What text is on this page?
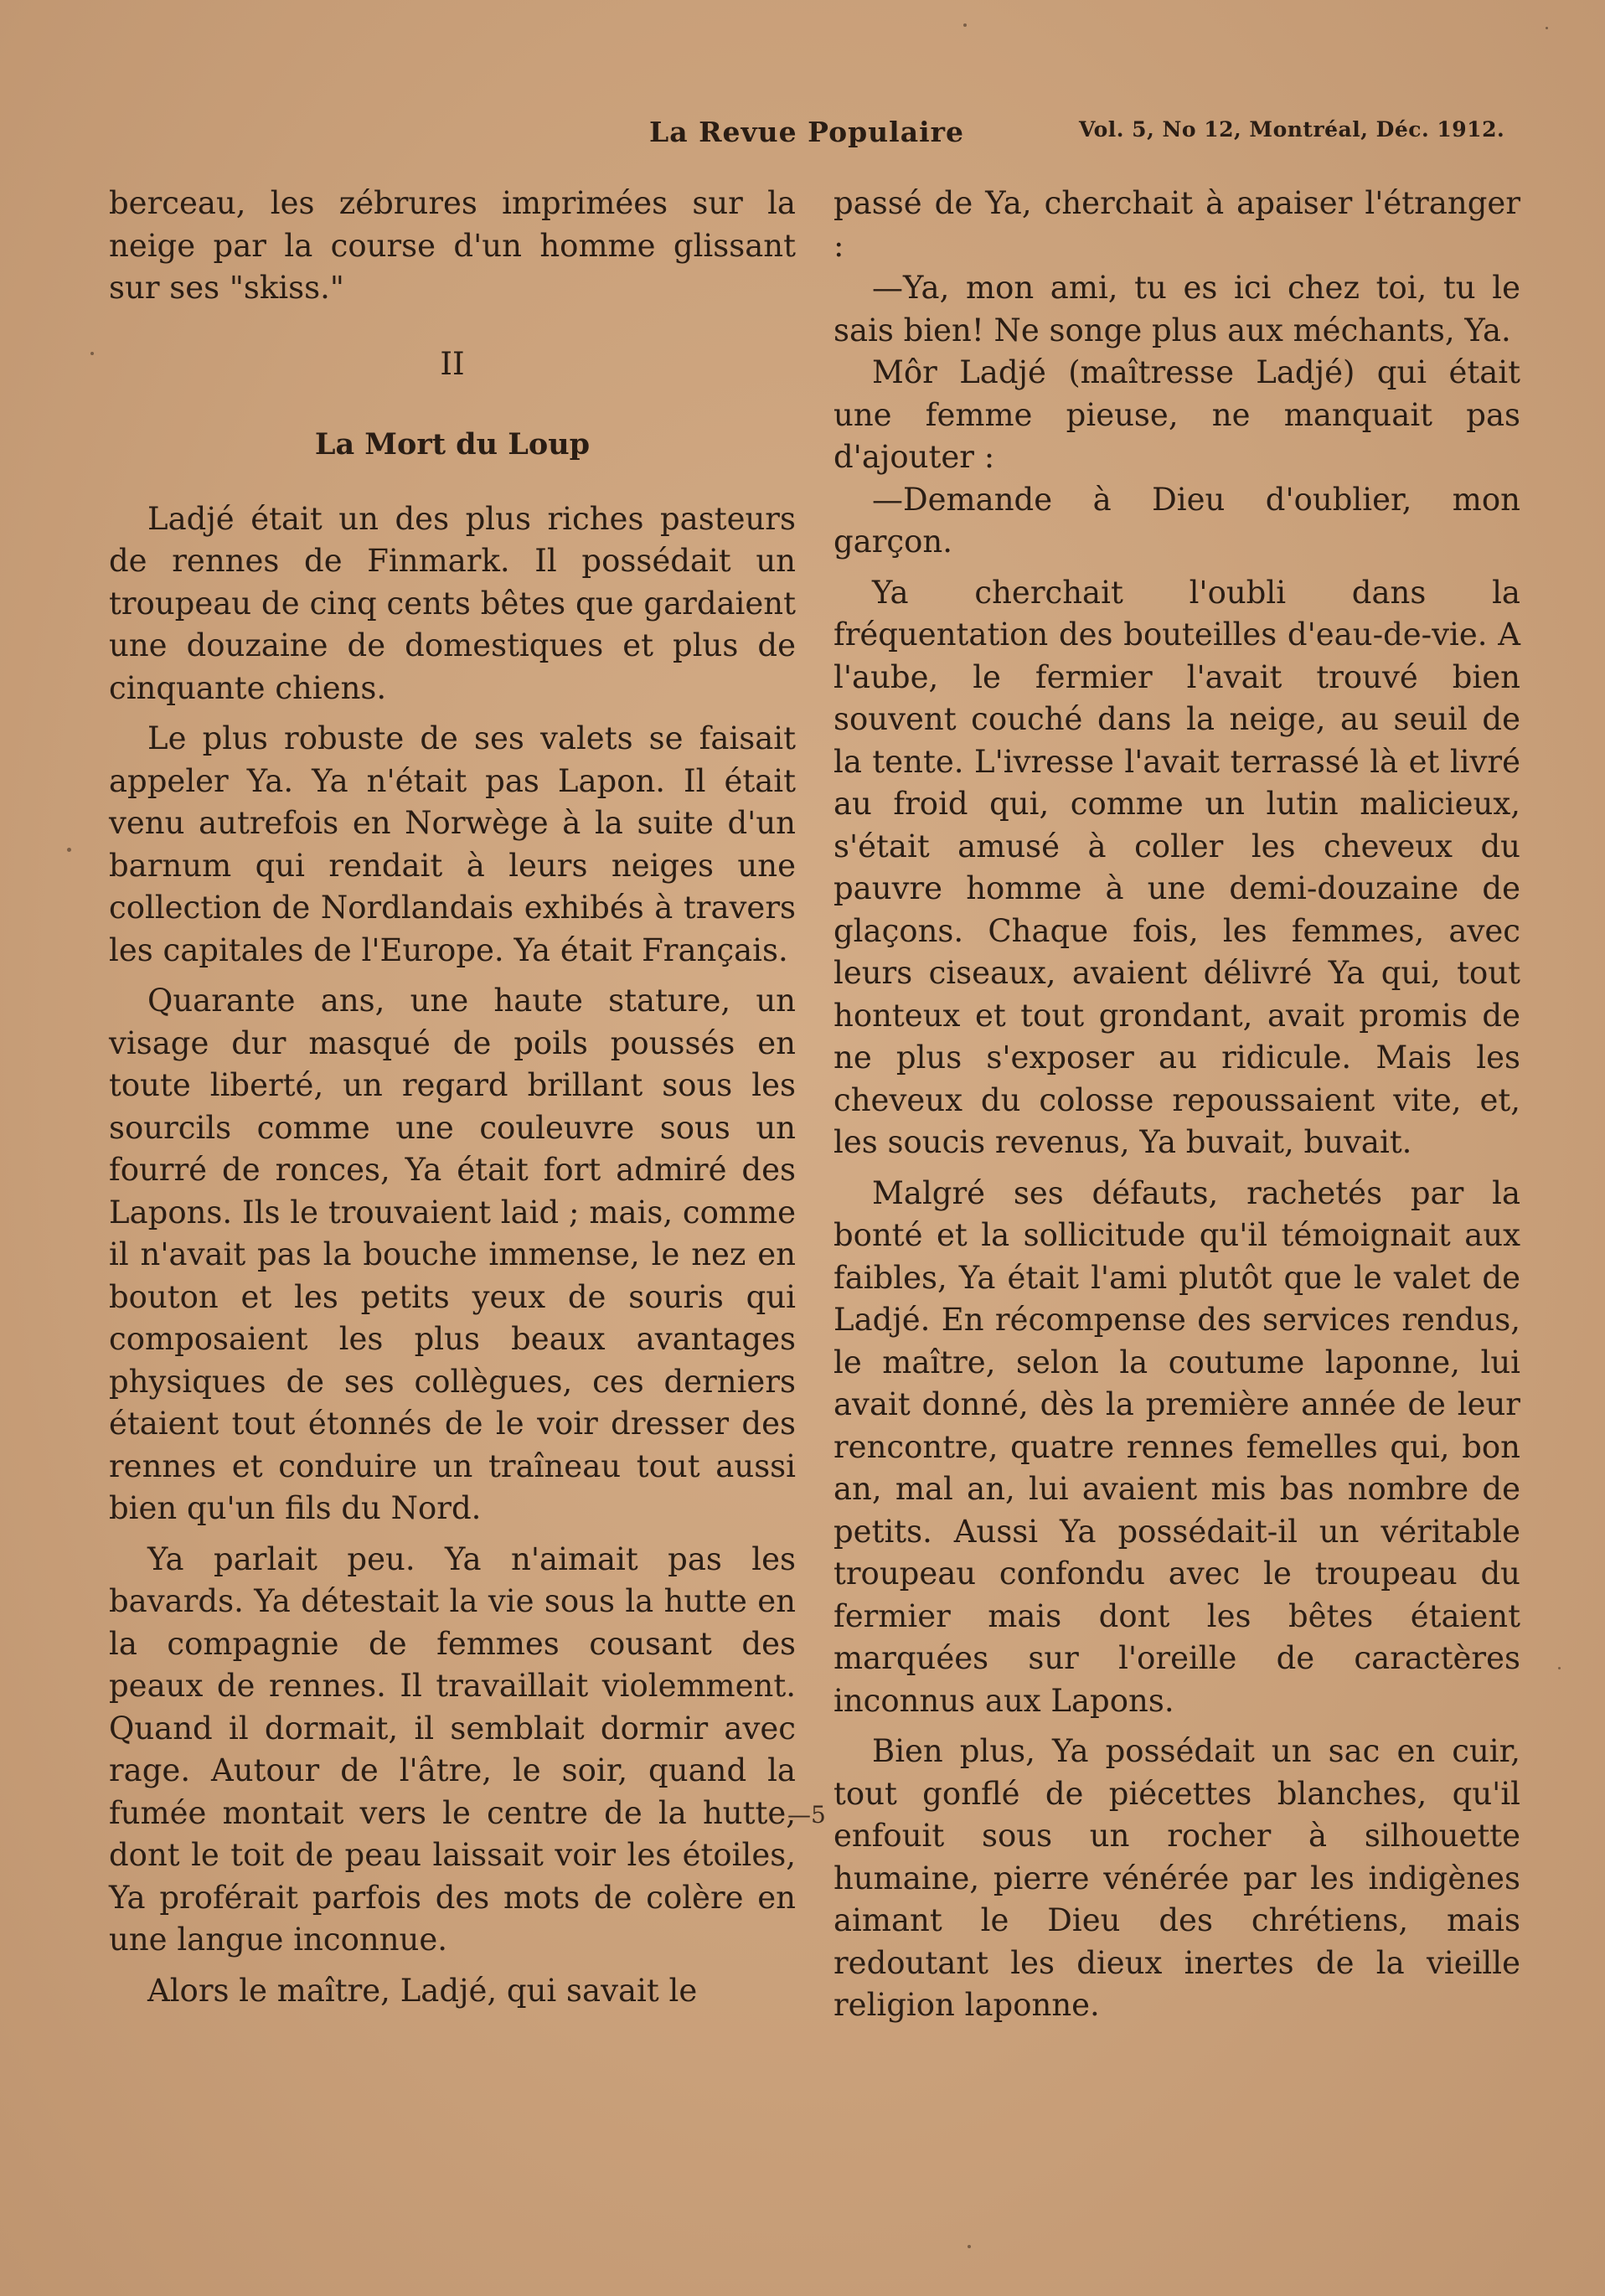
La Revue Populaire	Vol. 5, No 12, Montréal, Déc. 1912.

berceau, les zébrures imprimées sur la neige par la course d'un homme glissant sur ses "skiss."

II
La Mort du Loup

Ladjé était un des plus riches pasteurs de rennes de Finmark. Il possédait un troupeau de cinq cents bêtes que gardaient une douzaine de domestiques et plus de cinquante chiens.

Le plus robuste de ses valets se faisait appeler Ya. Ya n'était pas Lapon. Il était venu autrefois en Norwège à la suite d'un barnum qui rendait à leurs neiges une collection de Nordlandais exhibés à travers les capitales de l'Europe. Ya était Français.

Quarante ans, une haute stature, un visage dur masqué de poils poussés en toute liberté, un regard brillant sous les sourcils comme une couleuvre sous un fourré de ronces, Ya était fort admiré des Lapons. Ils le trouvaient laid ; mais, comme il n'avait pas la bouche immense, le nez en bouton et les petits yeux de souris qui composaient les plus beaux avantages physiques de ses collègues, ces derniers étaient tout étonnés de le voir dresser des rennes et conduire un traîneau tout aussi bien qu'un fils du Nord.

Ya parlait peu. Ya n'aimait pas les bavards. Ya détestait la vie sous la hutte en la compagnie de femmes cousant des peaux de rennes. Il travaillait violemment. Quand il dormait, il semblait dormir avec rage. Autour de l'âtre, le soir, quand la fumée montait vers le centre de la hutte, dont le toit de peau laissait voir les étoiles, Ya proférait parfois des mots de colère en une langue inconnue.

Alors le maître, Ladjé, qui savait le

passé de Ya, cherchait à apaiser l'étranger :

—Ya, mon ami, tu es ici chez toi, tu le sais bien! Ne songe plus aux méchants, Ya.

Môr Ladjé (maîtresse Ladjé) qui était une femme pieuse, ne manquait pas d'ajouter :

—Demande à Dieu d'oublier, mon garçon.

Ya cherchait l'oubli dans la fréquentation des bouteilles d'eau-de-vie. A l'aube, le fermier l'avait trouvé bien souvent couché dans la neige, au seuil de la tente. L'ivresse l'avait terrassé là et livré au froid qui, comme un lutin malicieux, s'était amusé à coller les cheveux du pauvre homme à une demi-douzaine de glaçons. Chaque fois, les femmes, avec leurs ciseaux, avaient délivré Ya qui, tout honteux et tout grondant, avait promis de ne plus s'exposer au ridicule. Mais les cheveux du colosse repoussaient vite, et, les soucis revenus, Ya buvait, buvait.

Malgré ses défauts, rachetés par la bonté et la sollicitude qu'il témoignait aux faibles, Ya était l'ami plutôt que le valet de Ladjé. En récompense des services rendus, le maître, selon la coutume laponne, lui avait donné, dès la première année de leur rencontre, quatre rennes femelles qui, bon an, mal an, lui avaient mis bas nombre de petits. Aussi Ya possédait-il un véritable troupeau confondu avec le troupeau du fermier mais dont les bêtes étaient marquées sur l'oreille de caractères inconnus aux Lapons.

Bien plus, Ya possédait un sac en cuir, tout gonflé de piécettes blanches, qu'il enfouit sous un rocher à silhouette humaine, pierre vénérée par les indigènes aimant le Dieu des chrétiens, mais redoutant les dieux inertes de la vieille religion laponne.

—5
